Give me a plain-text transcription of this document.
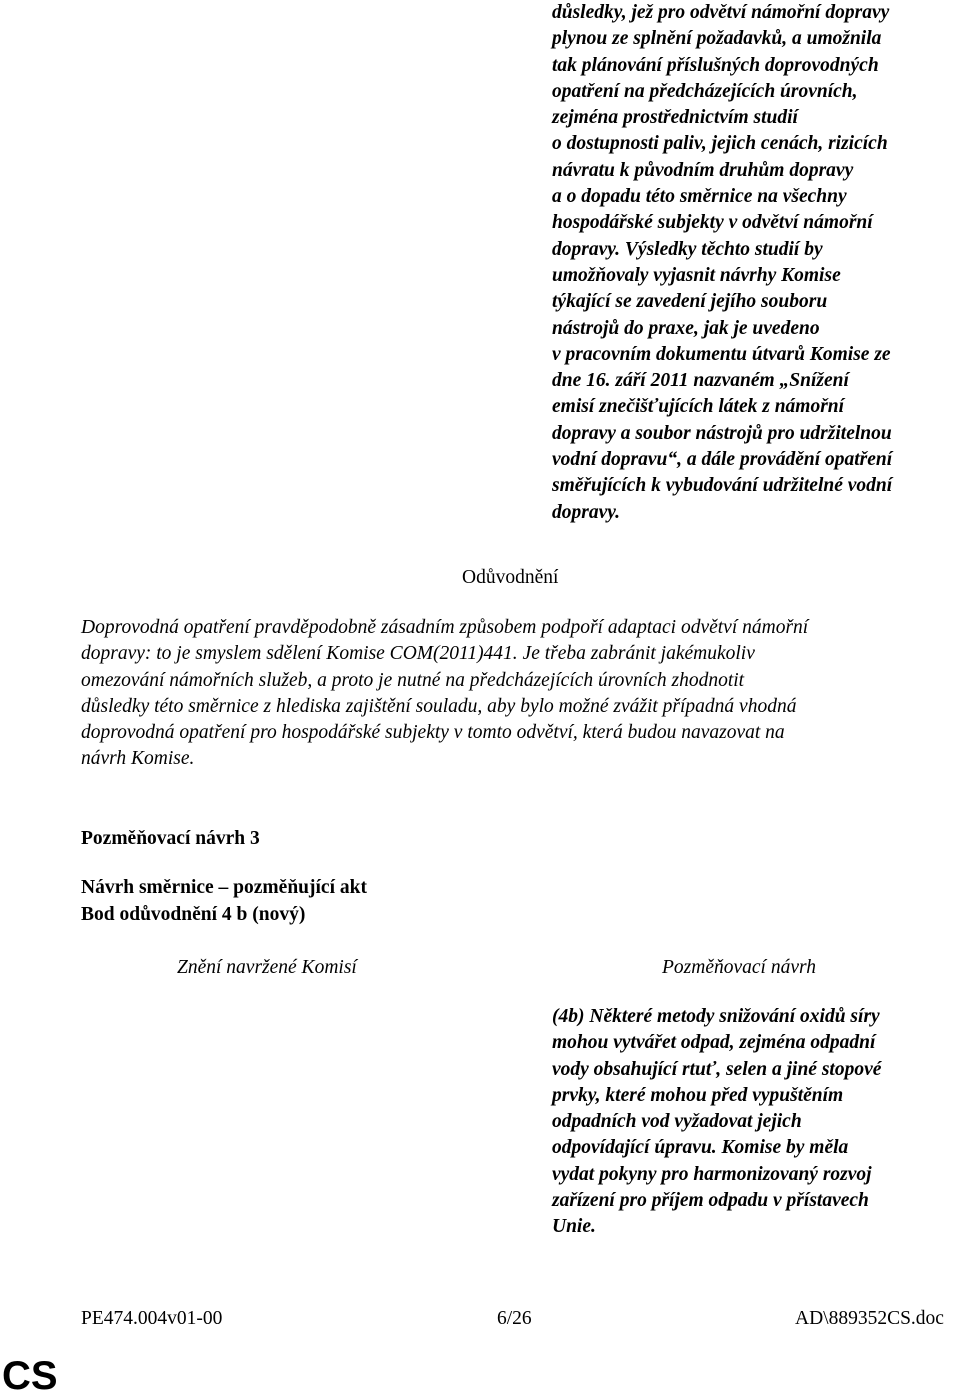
důsledky, jež pro odvětví námořní dopravy
plynou ze splnění požadavků, a umožnila
tak plánování příslušných doprovodných
opatření na předcházejících úrovních,
zejména prostřednictvím studií
o dostupnosti paliv, jejich cenách, rizicích
návratu k původním druhům dopravy
a o dopadu této směrnice na všechny
hospodářské subjekty v odvětví námořní
dopravy. Výsledky těchto studií by
umožňovaly vyjasnit návrhy Komise
týkající se zavedení jejího souboru
nástrojů do praxe, jak je uvedeno
v pracovním dokumentu útvarů Komise ze
dne 16. září 2011 nazvaném „Snížení
emisí znečišťujících látek z námořní
dopravy a soubor nástrojů pro udržitelnou
vodní dopravu“, a dále provádění opatření
směřujících k vybudování udržitelné vodní
dopravy.
Odůvodnění
Doprovodná opatření pravděpodobně zásadním způsobem podpoří adaptaci odvětví námořní
dopravy: to je smyslem sdělení Komise COM(2011)441. Je třeba zabránit jakémukoliv
omezování námořních služeb, a proto je nutné na předcházejících úrovních zhodnotit
důsledky této směrnice z hlediska zajištění souladu, aby bylo možné zvážit případná vhodná
doprovodná opatření pro hospodářské subjekty v tomto odvětví, která budou navazovat na
návrh Komise.
Pozměňovací návrh 3
Návrh směrnice – pozměňující akt
Bod odůvodnění 4 b (nový)
Znění navržené Komisí	Pozměňovací návrh
(4b) Některé metody snižování oxidů síry
mohou vytvářet odpad, zejména odpadní
vody obsahující rtuť, selen a jiné stopové
prvky, které mohou před vypuštěním
odpadních vod vyžadovat jejich
odpovídající úpravu. Komise by měla
vydat pokyny pro harmonizovaný rozvoj
zařízení pro příjem odpadu v přístavech
Unie.
PE474.004v01-00	6/26	AD\889352CS.doc
CS
